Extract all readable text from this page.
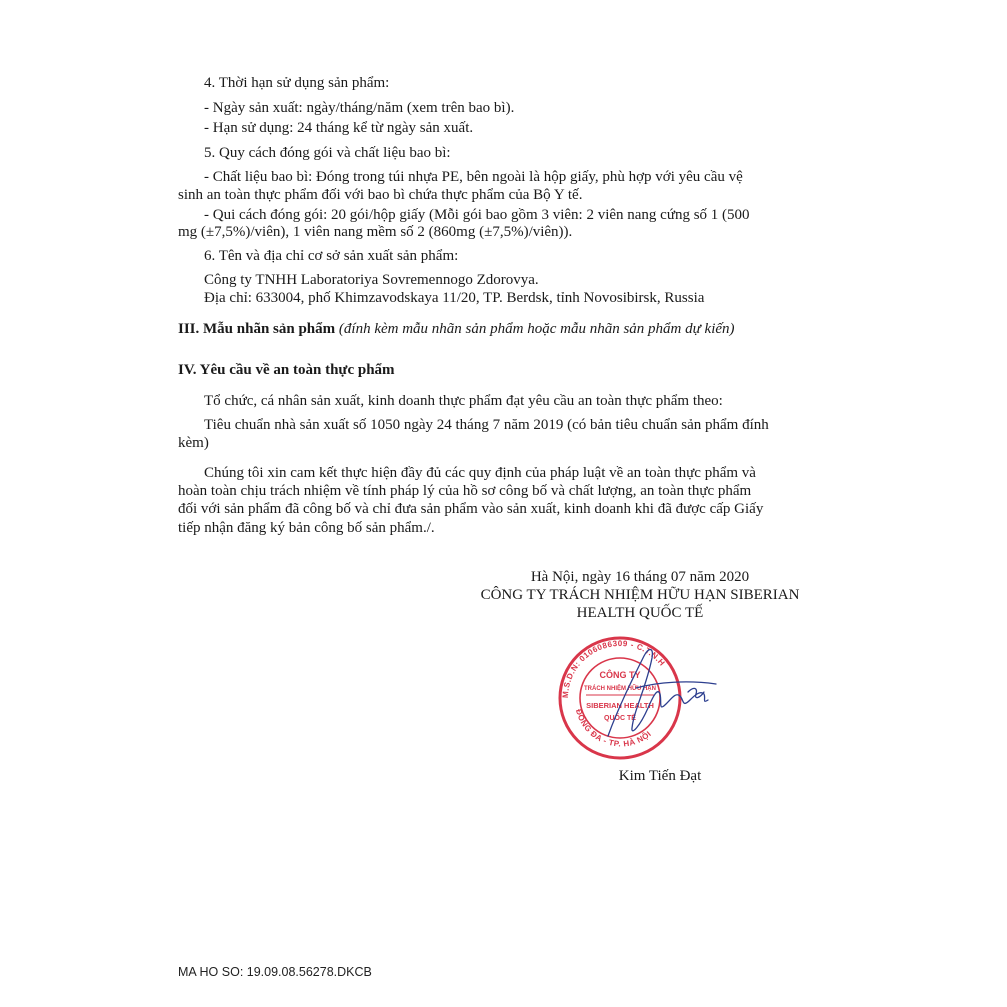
4. Thời hạn sử dụng sản phẩm:
- Ngày sản xuất: ngày/tháng/năm (xem trên bao bì).
- Hạn sử dụng: 24 tháng kể từ ngày sản xuất.
5. Quy cách đóng gói và chất liệu bao bì:
- Chất liệu bao bì: Đóng trong túi nhựa PE, bên ngoài là hộp giấy, phù hợp với yêu cầu vệ
sinh an toàn thực phẩm đối với bao bì chứa thực phẩm của Bộ Y tế.
- Qui cách đóng gói: 20 gói/hộp giấy (Mỗi gói bao gồm 3 viên: 2 viên nang cứng số 1 (500
mg (±7,5%)/viên), 1 viên nang mềm số 2 (860mg (±7,5%)/viên)).
6. Tên và địa chỉ cơ sở sản xuất sản phẩm:
Công ty TNHH Laboratoriya Sovremennogo Zdorovya.
Địa chỉ: 633004, phố Khimzavodskaya 11/20, TP. Berdsk, tỉnh Novosibirsk, Russia
III. Mẫu nhãn sản phẩm (đính kèm mẫu nhãn sản phẩm hoặc mẫu nhãn sản phẩm dự kiến)
IV. Yêu cầu về an toàn thực phẩm
Tổ chức, cá nhân sản xuất, kinh doanh thực phẩm đạt yêu cầu an toàn thực phẩm theo:
Tiêu chuẩn nhà sản xuất số 1050 ngày 24 tháng 7 năm 2019 (có bản tiêu chuẩn sản phẩm đính
kèm)
Chúng tôi xin cam kết thực hiện đầy đủ các quy định của pháp luật về an toàn thực phẩm và
hoàn toàn chịu trách nhiệm về tính pháp lý của hồ sơ công bố và chất lượng, an toàn thực phẩm
đối với sản phẩm đã công bố và chỉ đưa sản phẩm vào sản xuất, kinh doanh khi đã được cấp Giấy
tiếp nhận đăng ký bản công bố sản phẩm./.
Hà Nội, ngày 16 tháng 07 năm 2020
CÔNG TY TRÁCH NHIỆM HỮU HẠN SIBERIAN
HEALTH QUỐC TẾ
M.S.D.N: 0106086309 - C.T.N.H
ĐỐNG ĐA - TP. HÀ NỘI
CÔNG TY
TRÁCH NHIỆM HỮU HẠN
SIBERIAN HEALTH
QUỐC TẾ
Kim Tiến Đạt
MA HO SO: 19.09.08.56278.DKCB
